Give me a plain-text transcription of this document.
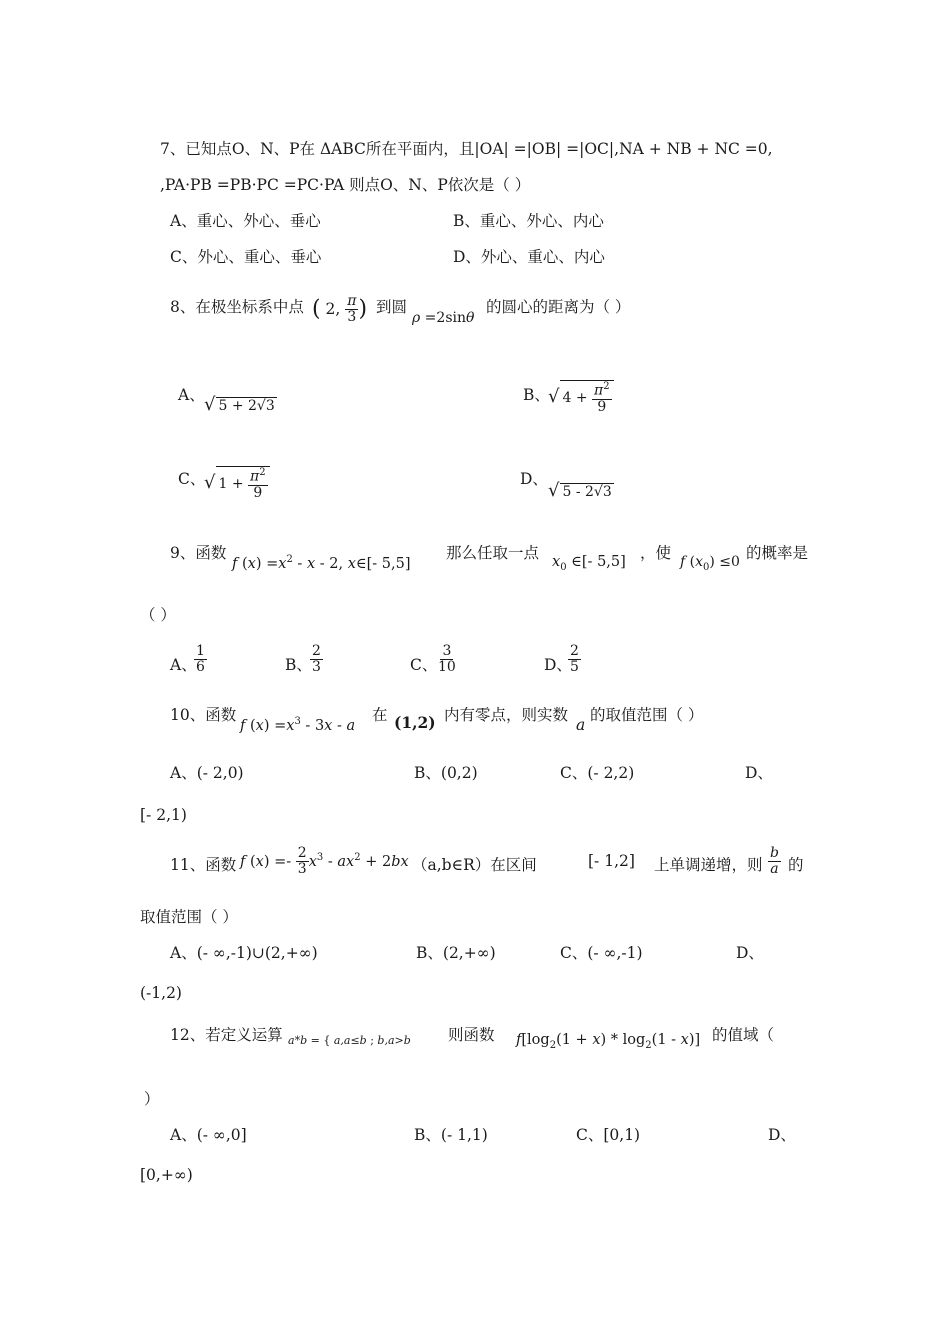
7、已知点O、N、P在 ΔABC所在平面内，且|OA| =|OB| =|OC|,NA + NB + NC =0,
,PA·PB =PB·PC =PC·PA 则点O、N、P依次是（ ）
A、重心、外心、垂心	B、重心、外心、内心
C、外心、重心、垂心	D、外心、重心、内心
8、在极坐标系中点 ( 2, $\frac{\pi}{3}$ ) 到圆
ρ =2sinθ
的圆心的距离为（ ）
A、 √ 5 + 2√3
B、
√ $4 + \frac{\pi^2}{9}$
C、
√ $1 + \frac{\pi^2}{9}$	D、
√ 5 - 2√3
9、函数
f $(x) =x^2 - x - 2$, x∈[- 5,5]
那么任取一点 $x_0$ ∈[- 5,5] ，使 f $(x_0) \le 0$ 的概率是
（ ）
A、
$\frac{1}{6}$	B、
$\frac{2}{3}$	C、
$\frac{3}{10}$	D、
$\frac{2}{5}$
10、函数
f $(x) =x^3 - 3x - a$
在 (1,2) 内有零点，则实数
a
的取值范围（ ）
A、(- 2,0)	B、(0,2)	C、(- 2,2)	D、
[- 2,1)
11、函数 f $(x) =- \frac{2}{3} x^3 - ax^2 + 2bx$ （a,b∈R）在区间	[- 1,2] 上单调递增，则 $\frac{b}{a}$ 的
取值范围（ ）
A、(- ∞,-1)∪(2,+∞)	B、(2,+∞)	C、(- ∞,-1)	D、
(-1,2)
12、若定义运算 a*b = { a,a≤b ; b,a>b 则函数 $f[\log_2(1 + x) * \log_2(1 - x)]$ 的值域（
）
A、(- ∞,0]	B、(- 1,1)	C、[0,1)	D、
[0,+∞)
